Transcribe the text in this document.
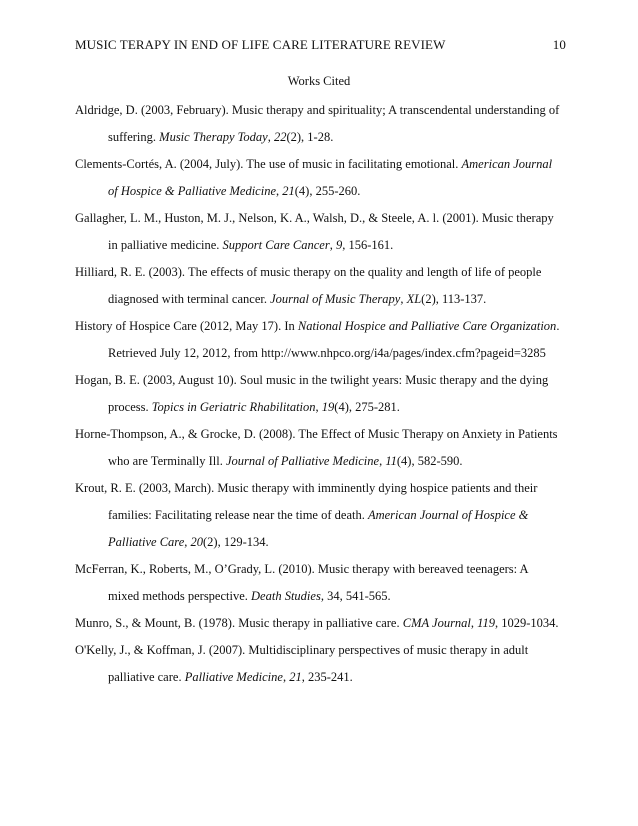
MUSIC TERAPY IN END OF LIFE CARE LITERATURE REVIEW	10
Works Cited
Aldridge, D. (2003, February). Music therapy and spirituality; A transcendental understanding of
suffering. Music Therapy Today, 22(2), 1-28.
Clements-Cortés, A. (2004, July). The use of music in facilitating emotional. American Journal
of Hospice & Palliative Medicine, 21(4), 255-260.
Gallagher, L. M., Huston, M. J., Nelson, K. A., Walsh, D., & Steele, A. l. (2001). Music therapy
in palliative medicine. Support Care Cancer, 9, 156-161.
Hilliard, R. E. (2003). The effects of music therapy on the quality and length of life of people
diagnosed with terminal cancer. Journal of Music Therapy, XL(2), 113-137.
History of Hospice Care (2012, May 17). In National Hospice and Palliative Care Organization.
Retrieved July 12, 2012, from http://www.nhpco.org/i4a/pages/index.cfm?pageid=3285
Hogan, B. E. (2003, August 10). Soul music in the twilight years: Music therapy and the dying
process. Topics in Geriatric Rhabilitation, 19(4), 275-281.
Horne-Thompson, A., & Grocke, D. (2008). The Effect of Music Therapy on Anxiety in Patients
who are Terminally Ill. Journal of Palliative Medicine, 11(4), 582-590.
Krout, R. E. (2003, March). Music therapy with imminently dying hospice patients and their
families: Facilitating release near the time of death. American Journal of Hospice &
Palliative Care, 20(2), 129-134.
McFerran, K., Roberts, M., O’Grady, L. (2010). Music therapy with bereaved teenagers: A
mixed methods perspective. Death Studies, 34, 541-565.
Munro, S., & Mount, B. (1978). Music therapy in palliative care. CMA Journal, 119, 1029-1034.
O'Kelly, J., & Koffman, J. (2007). Multidisciplinary perspectives of music therapy in adult
palliative care. Palliative Medicine, 21, 235-241.
